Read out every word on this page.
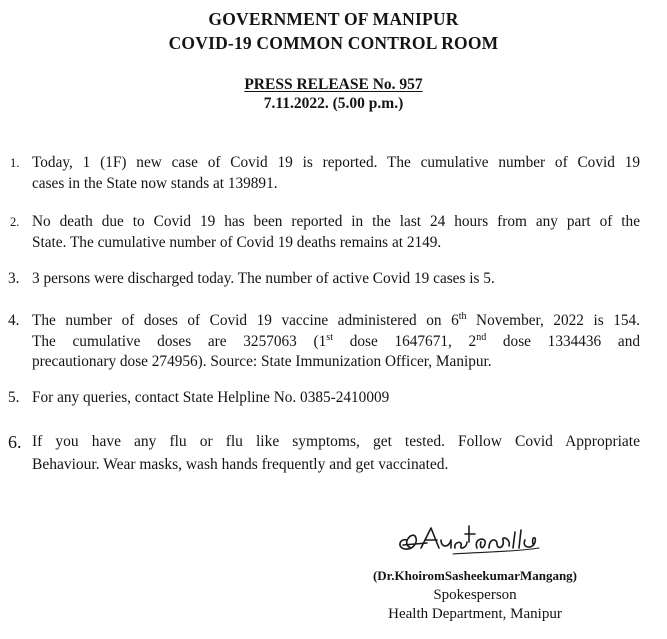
GOVERNMENT OF MANIPUR
COVID-19 COMMON CONTROL ROOM
PRESS RELEASE No. 957
7.11.2022. (5.00 p.m.)
1. Today, 1 (1F) new case of Covid 19 is reported. The cumulative number of Covid 19
cases in the State now stands at 139891.
2. No death due to Covid 19 has been reported in the last 24 hours from any part of the
State. The cumulative number of Covid 19 deaths remains at 2149.
3. 3 persons were discharged today. The number of active Covid 19 cases is 5.
4. The number of doses of Covid 19 vaccine administered on 6th November, 2022 is 154.
The cumulative doses are 3257063 (1st dose 1647671, 2nd dose 1334436 and
precautionary dose 274956). Source: State Immunization Officer, Manipur.
5. For any queries, contact State Helpline No. 0385-2410009
6. If you have any flu or flu like symptoms, get tested. Follow Covid Appropriate
Behaviour. Wear masks, wash hands frequently and get vaccinated.
(Dr.KhoiromSasheekumarMangang)
Spokesperson
Health Department, Manipur
